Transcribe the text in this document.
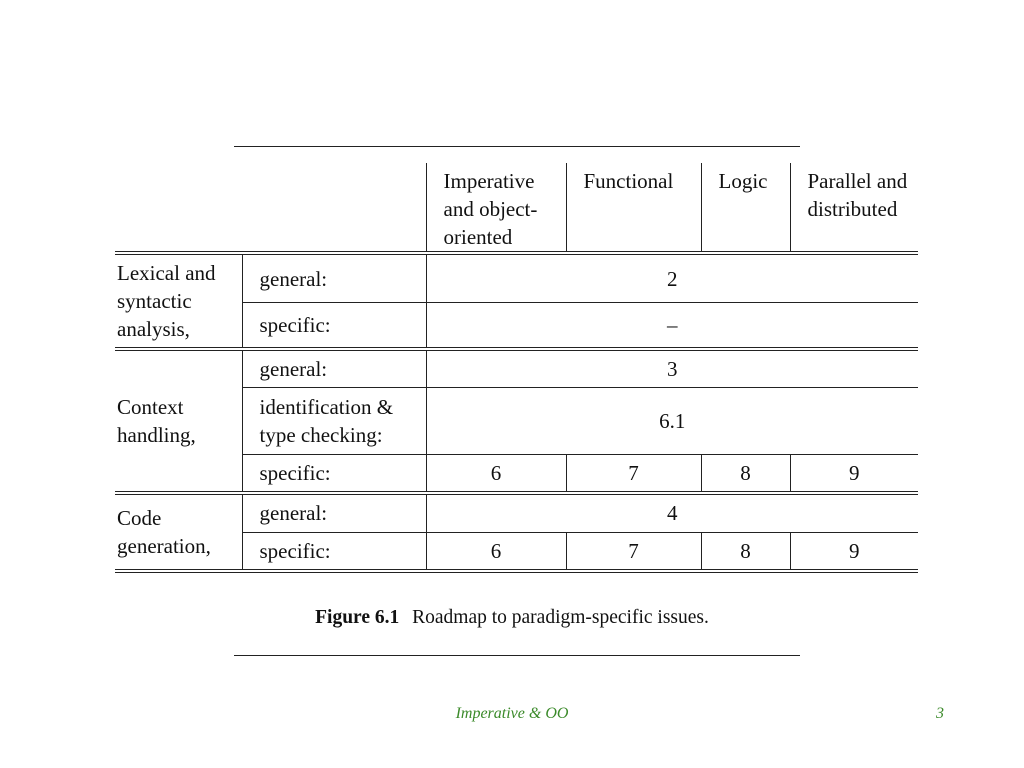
		Imperative and object-oriented	Functional	Logic	Parallel and distributed
Lexical and syntactic analysis,	general:	2			
	specific:	–			
Context handling,	general:	3			
	identification & type checking:	6.1			
	specific:	6	7	8	9
Code generation,	general:	4			
	specific:	6	7	8	9
Figure 6.1 Roadmap to paradigm-specific issues.
Imperative & OO	3
